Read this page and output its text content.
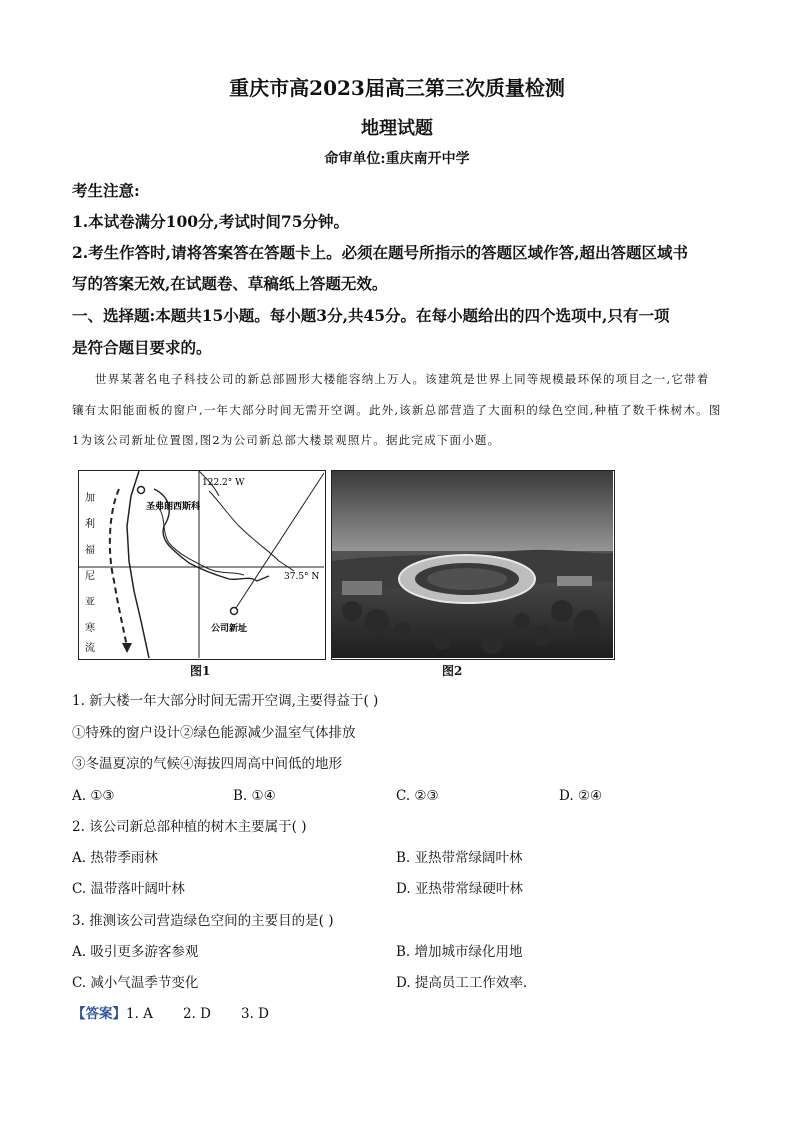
重庆市高2023届高三第三次质量检测
地理试题
命审单位:重庆南开中学
考生注意:
1.本试卷满分100分,考试时间75分钟。
2.考生作答时,请将答案答在答题卡上。必须在题号所指示的答题区域作答,超出答题区域书
写的答案无效,在试题卷、草稿纸上答题无效。
一、选择题:本题共15小题。每小题3分,共45分。在每小题给出的四个选项中,只有一项
是符合题目要求的。

世界某著名电子科技公司的新总部圆形大楼能容纳上万人。该建筑是世界上同等规模最环保的项目之一,它带着镶有太阳能面板的窗户,一年大部分时间无需开空调。此外,该新总部营造了大面积的绿色空间,种植了数千株树木。图1为该公司新址位置图,图2为公司新总部大楼景观照片。据此完成下面小题。

122.2° W
37.5° N
圣弗朗西斯科
公司新址
加
利
福
尼
亚
寒
流
图1	图2
1. 新大楼一年大部分时间无需开空调,主要得益于( )
①特殊的窗户设计②绿色能源减少温室气体排放
③冬温夏凉的气候④海拔四周高中间低的地形
A. ①③	B. ①④	C. ②③	D. ②④
2. 该公司新总部种植的树木主要属于( )
A. 热带季雨林	B. 亚热带常绿阔叶林
C. 温带落叶阔叶林	D. 亚热带常绿硬叶林
3. 推测该公司营造绿色空间的主要目的是( )
A. 吸引更多游客参观	B. 增加城市绿化用地
C. 减小气温季节变化	D. 提高员工工作效率.
【答案】1. A       2. D       3. D
